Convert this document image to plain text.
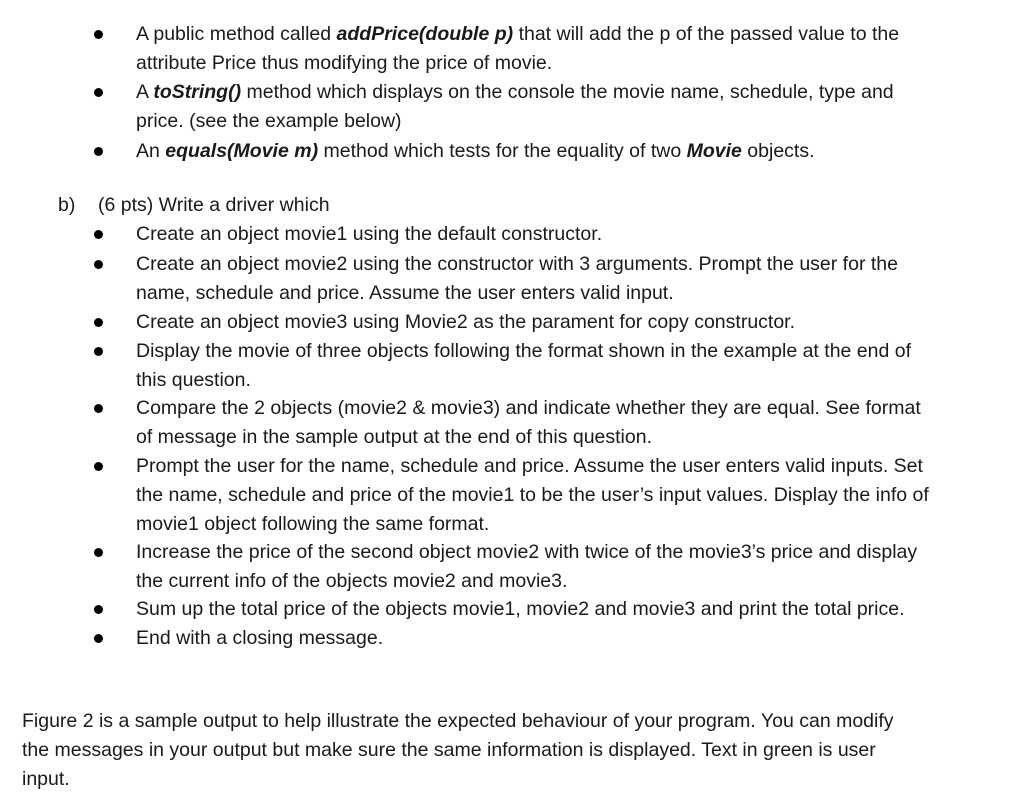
A public method called addPrice(double p) that will add the p of the passed value to the
attribute Price thus modifying the price of movie.
A toString() method which displays on the console the movie name, schedule, type and
price. (see the example below)
An equals(Movie m) method which tests for the equality of two Movie objects.
b) (6 pts) Write a driver which
Create an object movie1 using the default constructor.
Create an object movie2 using the constructor with 3 arguments. Prompt the user for the
name, schedule and price. Assume the user enters valid input.
Create an object movie3 using Movie2 as the parament for copy constructor.
Display the movie of three objects following the format shown in the example at the end of
this question.
Compare the 2 objects (movie2 & movie3) and indicate whether they are equal. See format
of message in the sample output at the end of this question.
Prompt the user for the name, schedule and price. Assume the user enters valid inputs. Set
the name, schedule and price of the movie1 to be the user’s input values. Display the info of
movie1 object following the same format.
Increase the price of the second object movie2 with twice of the movie3’s price and display
the current info of the objects movie2 and movie3.
Sum up the total price of the objects movie1, movie2 and movie3 and print the total price.
End with a closing message.
Figure 2 is a sample output to help illustrate the expected behaviour of your program. You can modify
the messages in your output but make sure the same information is displayed. Text in green is user
input.
